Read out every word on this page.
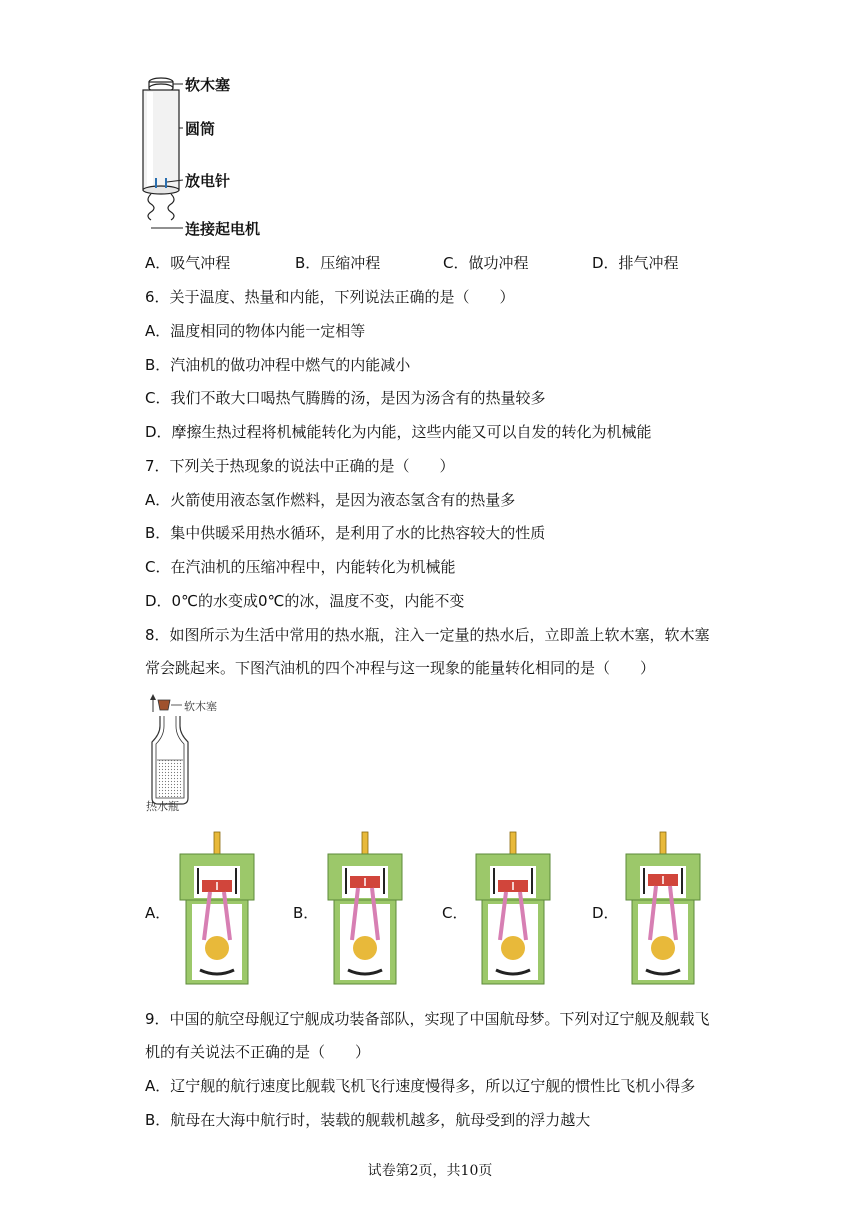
软木塞
圆筒
放电针
连接起电机
A．吸气冲程	B．压缩冲程	C．做功冲程	D．排气冲程
6．关于温度、热量和内能，下列说法正确的是（　　）
A．温度相同的物体内能一定相等
B．汽油机的做功冲程中燃气的内能减小
C．我们不敢大口喝热气腾腾的汤，是因为汤含有的热量较多
D．摩擦生热过程将机械能转化为内能，这些内能又可以自发的转化为机械能
7．下列关于热现象的说法中正确的是（　　）
A．火箭使用液态氢作燃料，是因为液态氢含有的热量多
B．集中供暖采用热水循环，是利用了水的比热容较大的性质
C．在汽油机的压缩冲程中，内能转化为机械能
D．0℃的水变成0℃的冰，温度不变，内能不变
8．如图所示为生活中常用的热水瓶，注入一定量的热水后，立即盖上软木塞，软木塞
常会跳起来。下图汽油机的四个冲程与这一现象的能量转化相同的是（　　）
软木塞
热水瓶
A．	B．	C．	D．
9．中国的航空母舰辽宁舰成功装备部队，实现了中国航母梦。下列对辽宁舰及舰载飞
机的有关说法不正确的是（　　）
A．辽宁舰的航行速度比舰载飞机飞行速度慢得多，所以辽宁舰的惯性比飞机小得多
B．航母在大海中航行时，装载的舰载机越多，航母受到的浮力越大
试卷第2页，共10页
